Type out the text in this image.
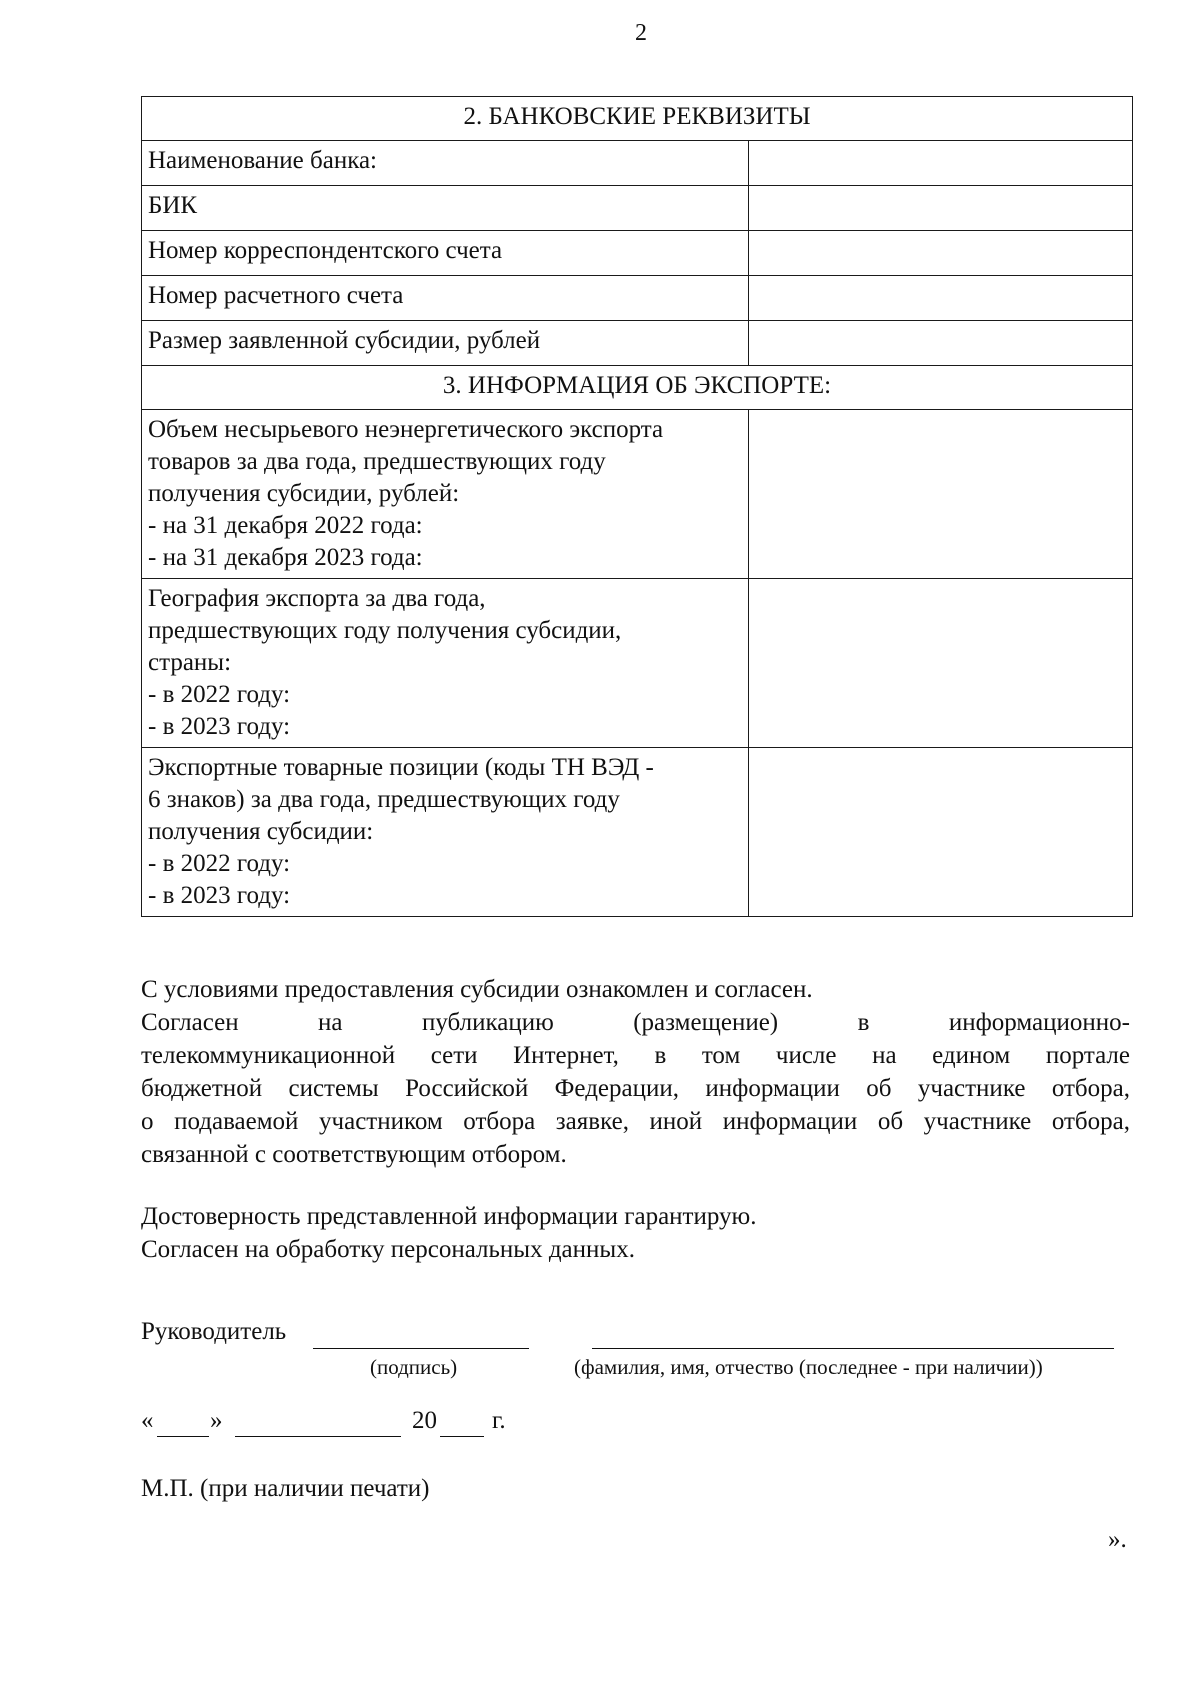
2
2. БАНКОВСКИЕ РЕКВИЗИТЫ	
Наименование банка:	
БИК	
Номер корреспондентского счета	
Номер расчетного счета	
Размер заявленной субсидии, рублей	
3. ИНФОРМАЦИЯ ОБ ЭКСПОРТЕ:	

Объем несырьевого неэнергетического экспорта
товаров за два года, предшествующих году
получения субсидии, рублей:
- на 31 декабря 2022 года:
- на 31 декабря 2023 года:	

География экспорта за два года,
предшествующих году получения субсидии,
страны:
- в 2022 году:
- в 2023 году:	

Экспортные товарные позиции (коды ТН ВЭД -
6 знаков) за два года, предшествующих году
получения субсидии:
- в 2022 году:
- в 2023 году:	

С условиями предоставления субсидии ознакомлен и согласен.
Согласен на публикацию (размещение) в информационно-
телекоммуникационной сети Интернет, в том числе на едином портале
бюджетной системы Российской Федерации, информации об участнике отбора,
о подаваемой участником отбора заявке, иной информации об участнике отбора,
связанной с соответствующим отбором.
Достоверность представленной информации гарантирую.
Согласен на обработку персональных данных.
Руководитель
(подпись)	(фамилия, имя, отчество (последнее - при наличии))
« »	20 г.
М.П. (при наличии печати)
».
